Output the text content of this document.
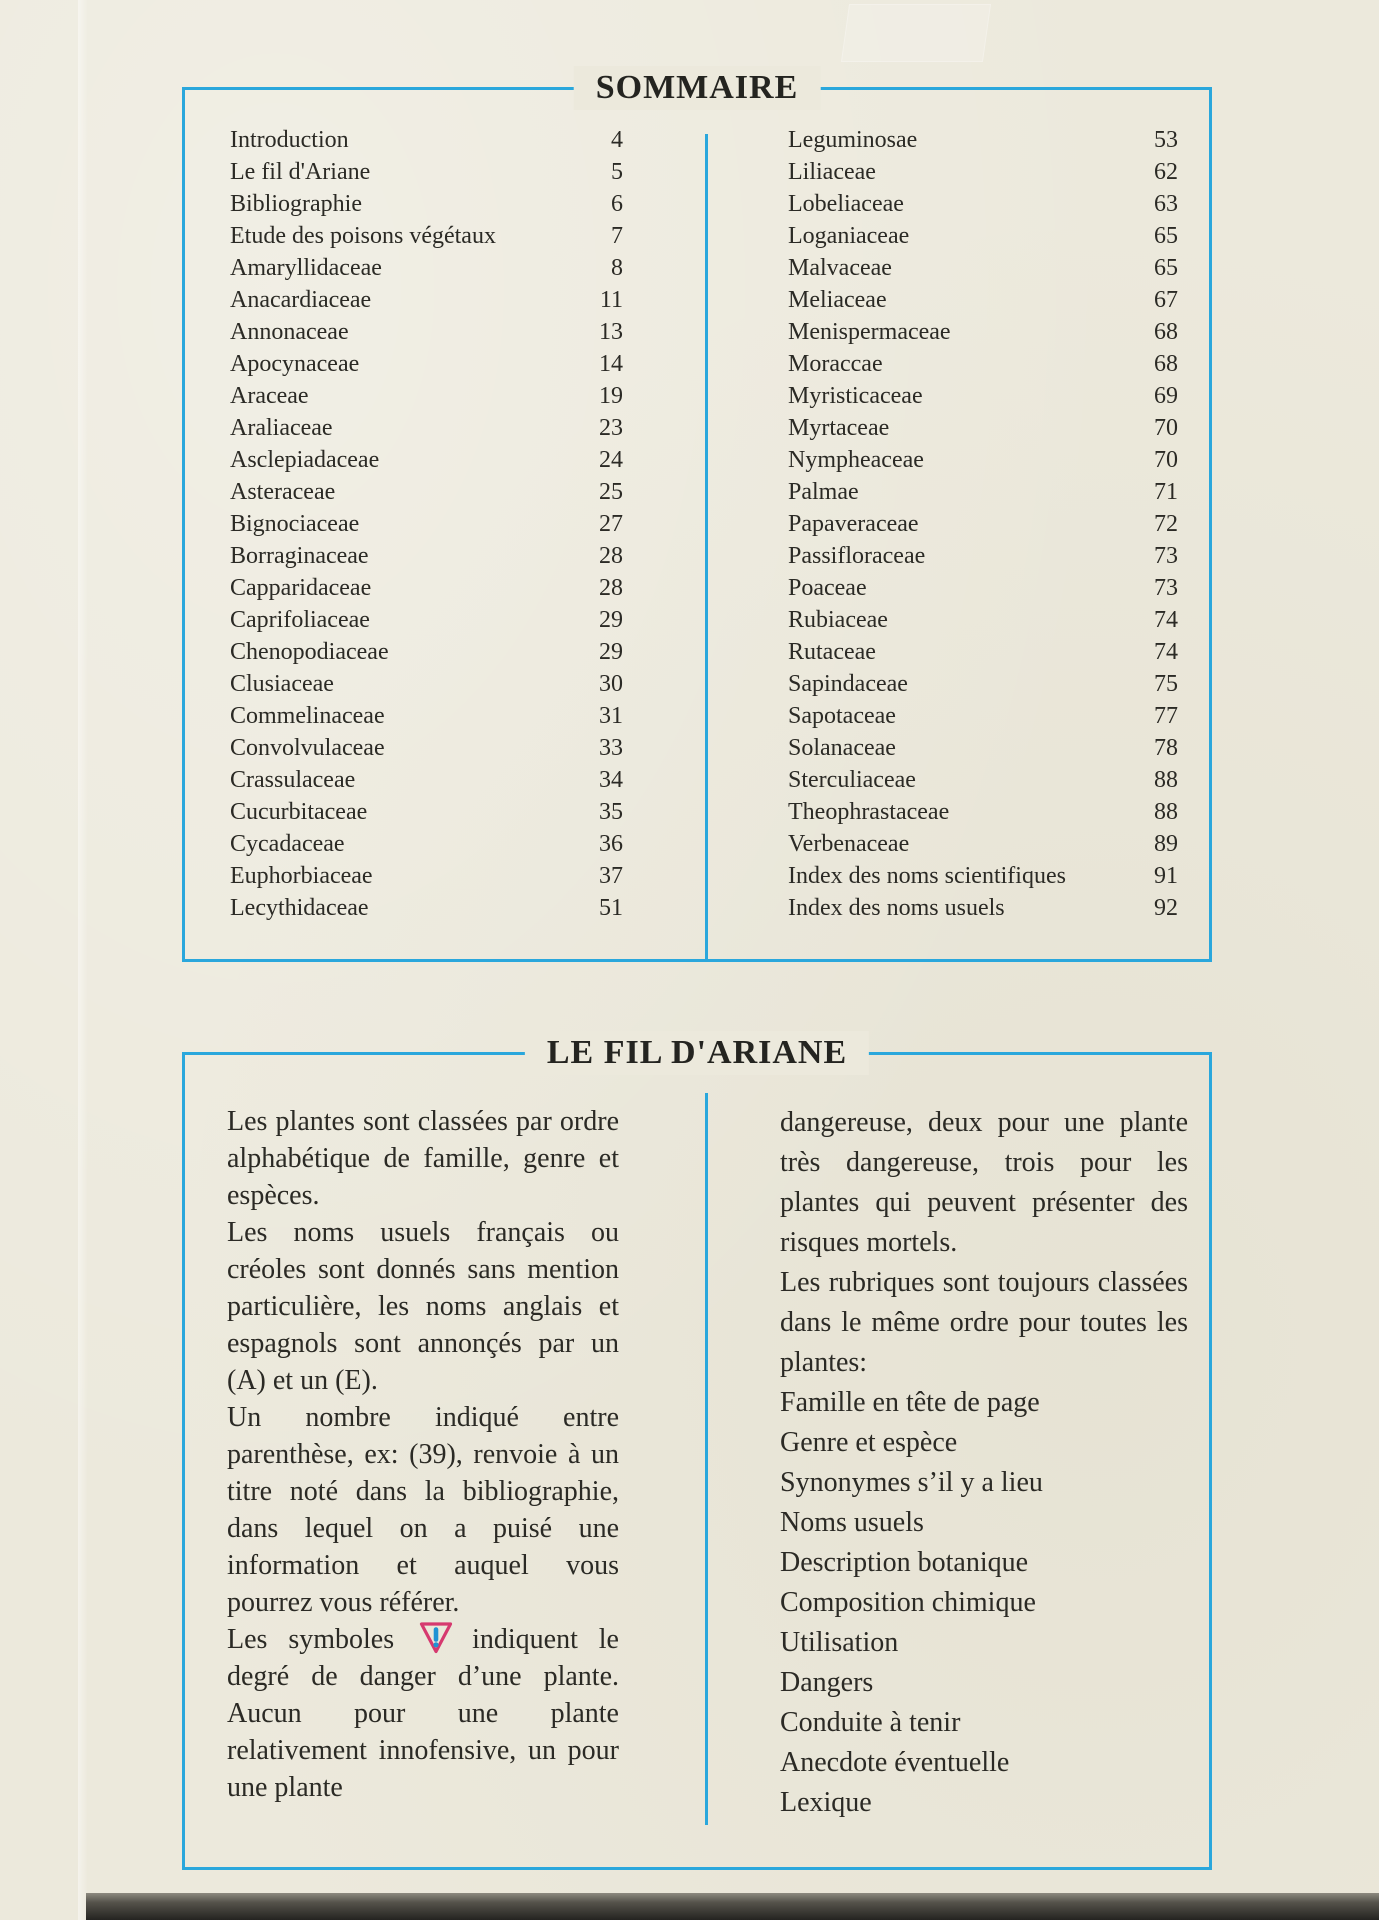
SOMMAIRE
Introduction	4
Le fil d'Ariane	5
Bibliographie	6
Etude des poisons végétaux	7
Amaryllidaceae	8
Anacardiaceae	11
Annonaceae	13
Apocynaceae	14
Araceae	19
Araliaceae	23
Asclepiadaceae	24
Asteraceae	25
Bignociaceae	27
Borraginaceae	28
Capparidaceae	28
Caprifoliaceae	29
Chenopodiaceae	29
Clusiaceae	30
Commelinaceae	31
Convolvulaceae	33
Crassulaceae	34
Cucurbitaceae	35
Cycadaceae	36
Euphorbiaceae	37
Lecythidaceae	51
Leguminosae	53
Liliaceae	62
Lobeliaceae	63
Loganiaceae	65
Malvaceae	65
Meliaceae	67
Menispermaceae	68
Moraccae	68
Myristicaceae	69
Myrtaceae	70
Nympheaceae	70
Palmae	71
Papaveraceae	72
Passifloraceae	73
Poaceae	73
Rubiaceae	74
Rutaceae	74
Sapindaceae	75
Sapotaceae	77
Solanaceae	78
Sterculiaceae	88
Theophrastaceae	88
Verbenaceae	89
Index des noms scientifiques	91
Index des noms usuels	92
LE FIL D'ARIANE

Les plantes sont classées par ordre alphabétique de famille, genre et espèces.

Les noms usuels français ou créoles sont donnés sans mention particulière, les noms anglais et espagnols sont annonçés par un (A) et un (E).

Un nombre indiqué entre parenthèse, ex: (39), renvoie à un titre noté dans la bibliographie, dans lequel on a puisé une information et auquel vous pourrez vous référer.

Les symboles	indiquent le degré de danger d’une plante. Aucun pour une plante relativement innofensive, un pour une plante

dangereuse, deux pour une plante très dangereuse, trois pour les plantes qui peuvent présenter des risques mortels.

Les rubriques sont toujours classées dans le même ordre pour toutes les plantes:

Famille en tête de page
Genre et espèce
Synonymes s’il y a lieu
Noms usuels
Description botanique
Composition chimique
Utilisation
Dangers
Conduite à tenir
Anecdote éventuelle
Lexique
